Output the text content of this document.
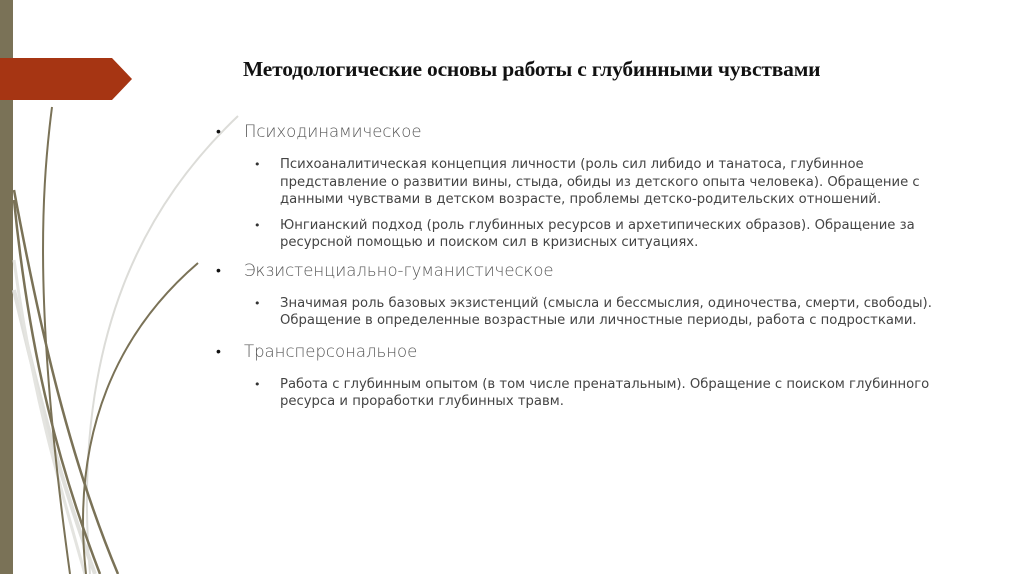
Методологические основы работы с глубинными чувствами
• Психодинамическое
• Психоаналитическая концепция личности (роль сил либидо и танатоса, глубинное представление о развитии вины, стыда, обиды из детского опыта человека). Обращение с данными чувствами в детском возрасте, проблемы детско-родительских отношений.
• Юнгианский подход (роль глубинных ресурсов и архетипических образов). Обращение за ресурсной помощью и поиском сил в кризисных ситуациях.
• Экзистенциально-гуманистическое
• Значимая роль базовых экзистенций (смысла и бессмыслия, одиночества, смерти, свободы). Обращение в определенные возрастные или личностные периоды, работа с подростками.
• Трансперсональное
• Работа с глубинным опытом (в том числе пренатальным). Обращение с поиском глубинного ресурса и проработки глубинных травм.
